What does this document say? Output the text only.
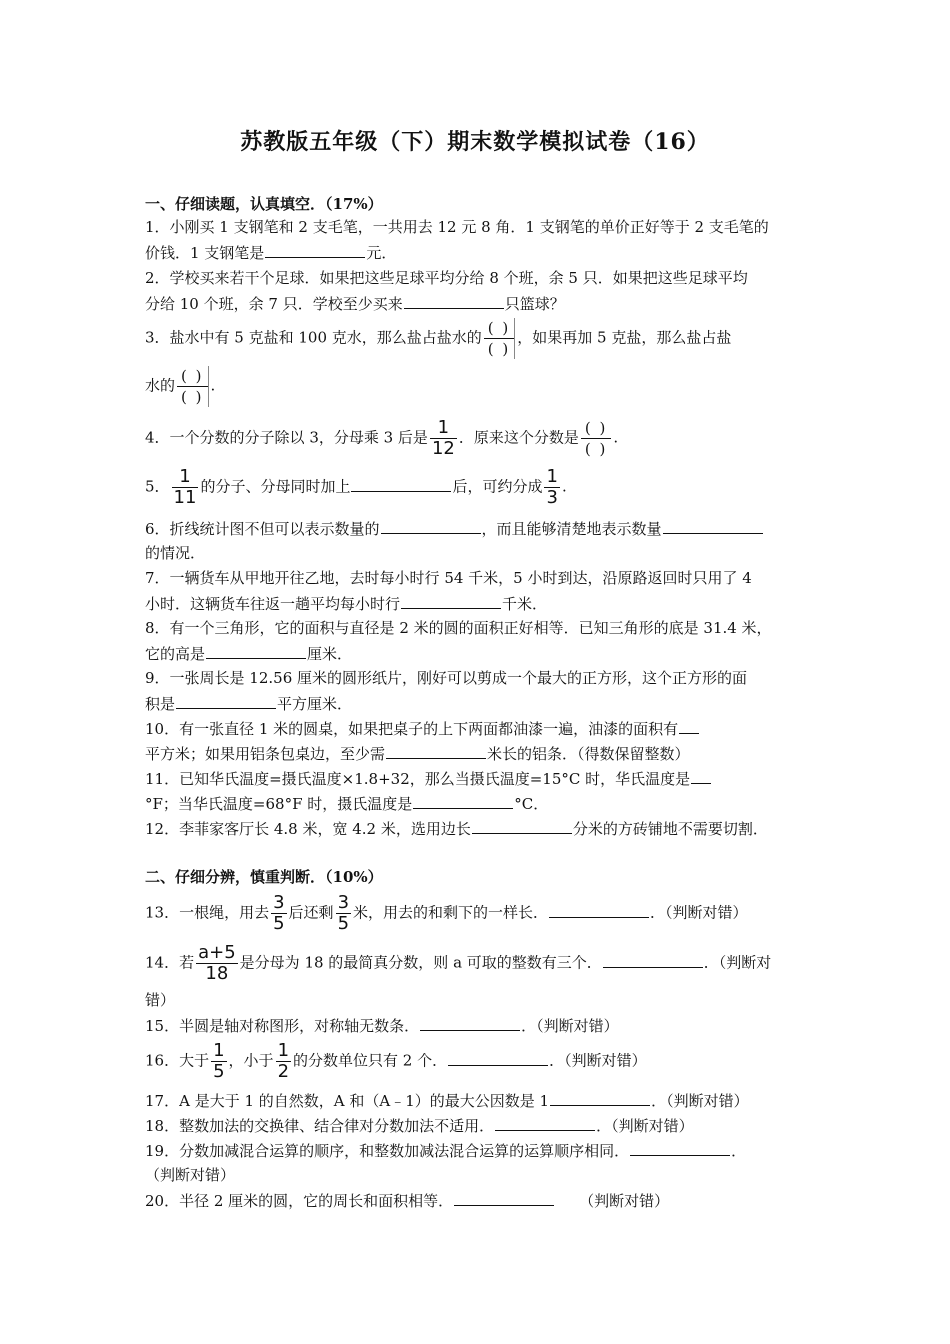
苏教版五年级（下）期末数学模拟试卷（16）
一、仔细读题，认真填空．（17%）
1．小刚买 1 支钢笔和 2 支毛笔，一共用去 12 元 8 角．1 支钢笔的单价正好等于 2 支毛笔的
价钱．1 支钢笔是	元．
2．学校买来若干个足球．如果把这些足球平均分给 8 个班，余 5 只．如果把这些足球平均
分给 10 个班，余 7 只．学校至少买来	只篮球？
3．盐水中有 5 克盐和 100 克水，那么盐占盐水的
( )
( )
，如果再加 5 克盐，那么盐占盐
水的
( )
( )
.
4．一个分数的分子除以 3，分母乘 3 后是 $\frac{1}{12}$ ．原来这个分数是
( )
( )
.
5． $\frac{1}{11}$ 的分子、分母同时加上	后，可约分成 $\frac{1}{3}$ .
6．折线统计图不但可以表示数量的	，而且能够清楚地表示数量
的情况．
7．一辆货车从甲地开往乙地，去时每小时行 54 千米，5 小时到达，沿原路返回时只用了 4
小时．这辆货车往返一趟平均每小时行	千米．
8．有一个三角形，它的面积与直径是 2 米的圆的面积正好相等．已知三角形的底是 31.4 米，
它的高是	厘米．
9．一张周长是 12.56 厘米的圆形纸片，刚好可以剪成一个最大的正方形，这个正方形的面
积是	平方厘米．
10．有一张直径 1 米的圆桌，如果把桌子的上下两面都油漆一遍，油漆的面积有
平方米；如果用铝条包桌边，至少需	米长的铝条．（得数保留整数）
11．已知华氏温度=摄氏温度×1.8+32，那么当摄氏温度=15°C 时，华氏温度是
°F；当华氏温度=68°F 时，摄氏温度是	°C．
12．李菲家客厅长 4.8 米，宽 4.2 米，选用边长	分米的方砖铺地不需要切割．
二、仔细分辨，慎重判断．（10%）
13．一根绳，用去 $\frac{3}{5}$ 后还剩 $\frac{3}{5}$ 米，用去的和剩下的一样长．	．（判断对错）
14．若 $\frac{a+5}{18}$ 是分母为 18 的最简真分数，则 a 可取的整数有三个．	．（判断对
错）
15．半圆是轴对称图形，对称轴无数条．	．（判断对错）
16．大于 $\frac{1}{5}$ ，小于 $\frac{1}{2}$ 的分数单位只有 2 个．	．（判断对错）
17．A 是大于 1 的自然数，A 和（A﹣1）的最大公因数是 1	．（判断对错）
18．整数加法的交换律、结合律对分数加法不适用．	．（判断对错）
19．分数加减混合运算的顺序，和整数加减法混合运算的运算顺序相同．	．
（判断对错）
20．半径 2 厘米的圆，它的周长和面积相等．	（判断对错）
